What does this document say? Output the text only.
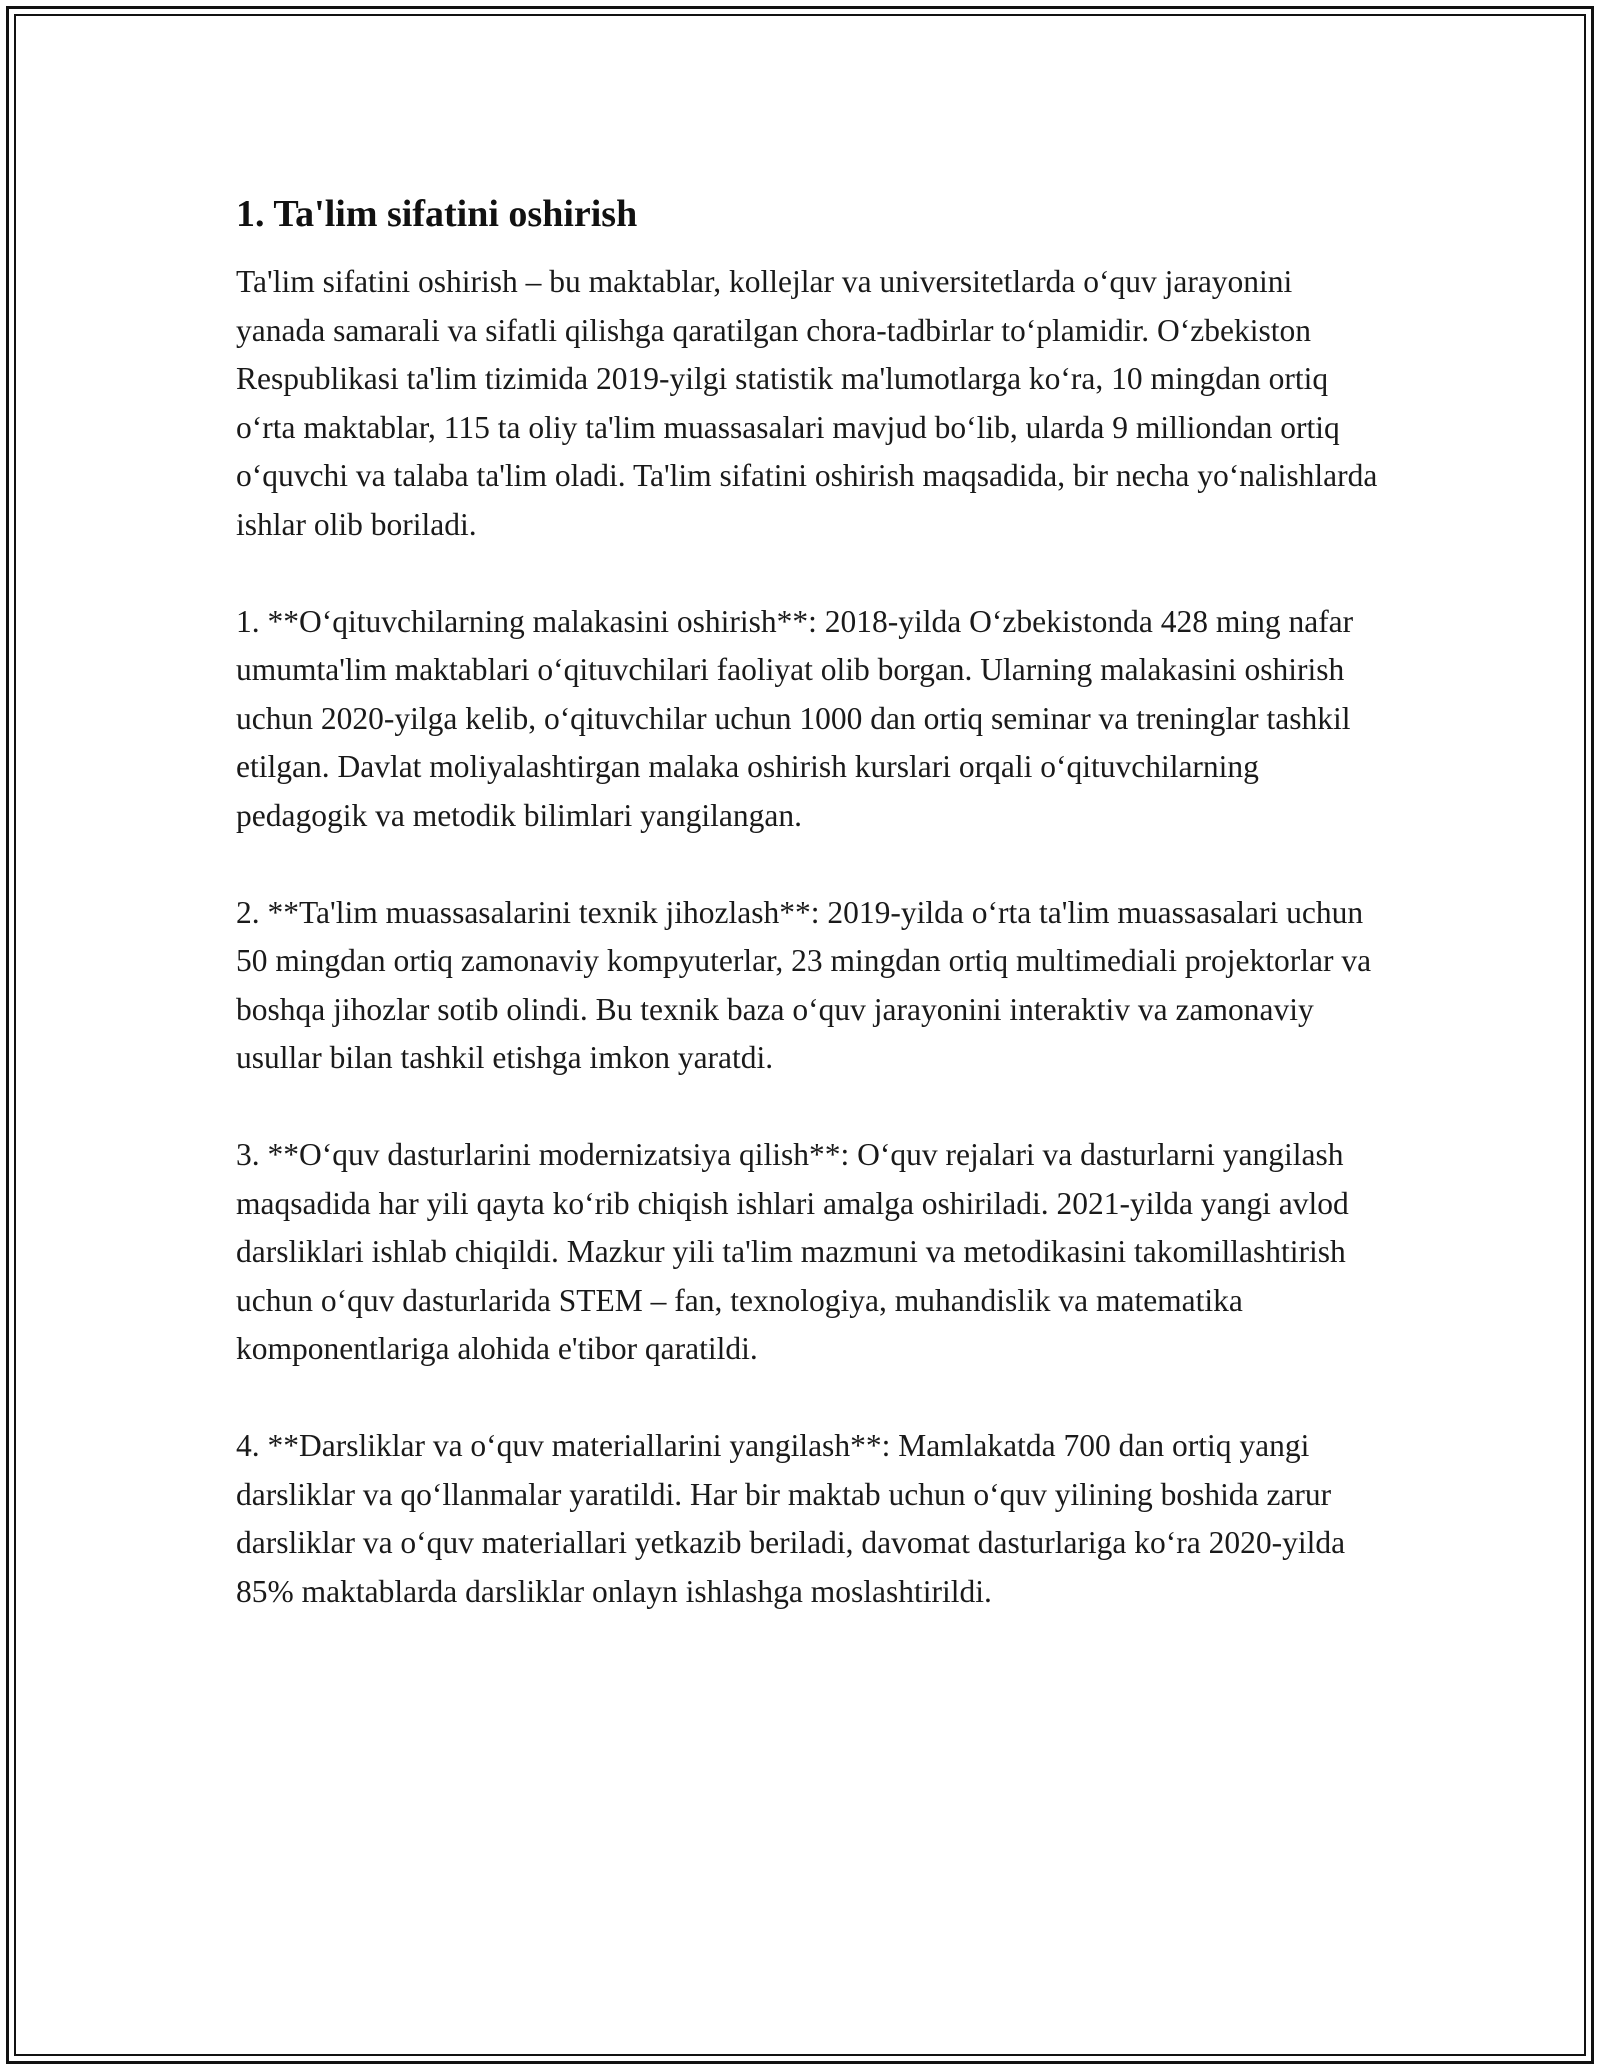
1. Ta'lim sifatini oshirish

Ta'lim sifatini oshirish – bu maktablar, kollejlar va universitetlarda o‘quv jarayonini yanada samarali va sifatli qilishga qaratilgan chora-tadbirlar to‘plamidir. O‘zbekiston Respublikasi ta'lim tizimida 2019-yilgi statistik ma'lumotlarga ko‘ra, 10 mingdan ortiq o‘rta maktablar, 115 ta oliy ta'lim muassasalari mavjud bo‘lib, ularda 9 milliondan ortiq o‘quvchi va talaba ta'lim oladi. Ta'lim sifatini oshirish maqsadida, bir necha yo‘nalishlarda ishlar olib boriladi.

1. **O‘qituvchilarning malakasini oshirish**: 2018-yilda O‘zbekistonda 428 ming nafar umumta'lim maktablari o‘qituvchilari faoliyat olib borgan. Ularning malakasini oshirish uchun 2020-yilga kelib, o‘qituvchilar uchun 1000 dan ortiq seminar va treninglar tashkil etilgan. Davlat moliyalashtirgan malaka oshirish kurslari orqali o‘qituvchilarning pedagogik va metodik bilimlari yangilangan.

2. **Ta'lim muassasalarini texnik jihozlash**: 2019-yilda o‘rta ta'lim muassasalari uchun 50 mingdan ortiq zamonaviy kompyuterlar, 23 mingdan ortiq multimediali projektorlar va boshqa jihozlar sotib olindi. Bu texnik baza o‘quv jarayonini interaktiv va zamonaviy usullar bilan tashkil etishga imkon yaratdi.

3. **O‘quv dasturlarini modernizatsiya qilish**: O‘quv rejalari va dasturlarni yangilash maqsadida har yili qayta ko‘rib chiqish ishlari amalga oshiriladi. 2021-yilda yangi avlod darsliklari ishlab chiqildi. Mazkur yili ta'lim mazmuni va metodikasini takomillashtirish uchun o‘quv dasturlarida STEM – fan, texnologiya, muhandislik va matematika komponentlariga alohida e'tibor qaratildi.

4. **Darsliklar va o‘quv materiallarini yangilash**: Mamlakatda 700 dan ortiq yangi darsliklar va qo‘llanmalar yaratildi. Har bir maktab uchun o‘quv yilining boshida zarur darsliklar va o‘quv materiallari yetkazib beriladi, davomat dasturlariga ko‘ra 2020-yilda 85% maktablarda darsliklar onlayn ishlashga moslashtirildi.
